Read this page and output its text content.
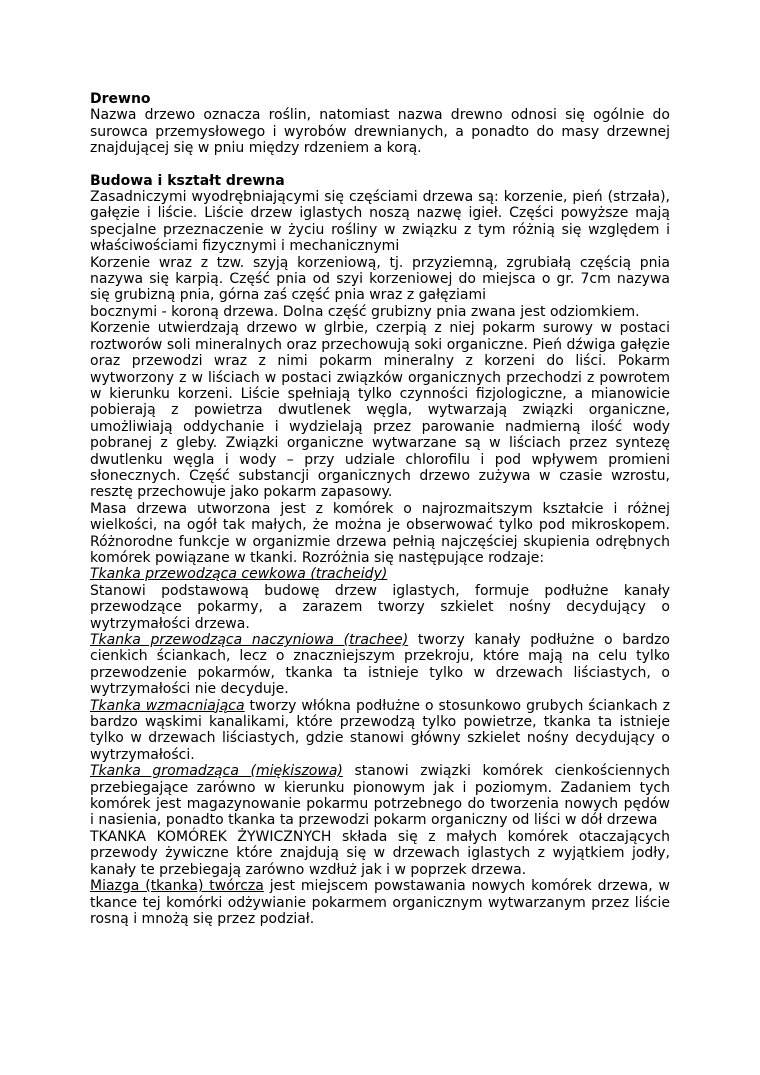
Drewno

Nazwa drzewo oznacza roślin, natomiast nazwa drewno odnosi się ogólnie do surowca przemysłowego i wyrobów drewnianych, a ponadto do masy drzewnej znajdującej się w pniu między rdzeniem a korą.

Budowa i kształt drewna

Zasadniczymi wyodrębniającymi się częściami drzewa są: korzenie, pień (strzała), gałęzie i liście. Liście drzew iglastych noszą nazwę igieł. Części powyższe mają specjalne przeznaczenie w życiu rośliny w związku z tym różnią się względem i właściwościami fizycznymi i mechanicznymi

Korzenie wraz z tzw. szyją korzeniową, tj. przyziemną, zgrubiałą częścią pnia nazywa się karpią. Część pnia od szyi korzeniowej do miejsca o gr. 7cm nazywa się grubizną pnia, górna zaś część pnia wraz z gałęziami

bocznymi - koroną drzewa. Dolna część grubizny pnia zwana jest odziomkiem.

Korzenie utwierdzają drzewo w glrbie, czerpią z niej pokarm surowy w postaci roztworów soli mineralnych oraz przechowują soki organiczne. Pień dźwiga gałęzie oraz przewodzi wraz z nimi pokarm mineralny z korzeni do liści. Pokarm wytworzony z w liściach w postaci związków organicznych przechodzi z powrotem w kierunku korzeni. Liście spełniają tylko czynności fizjologiczne, a mianowicie pobierają z powietrza dwutlenek węgla, wytwarzają związki organiczne, umożliwiają oddychanie i wydzielają przez parowanie nadmierną ilość wody pobranej z gleby. Związki organiczne wytwarzane są w liściach przez syntezę dwutlenku węgla i wody – przy udziale chlorofilu i pod wpływem promieni słonecznych. Część substancji organicznych drzewo zużywa w czasie wzrostu, resztę przechowuje jako pokarm zapasowy.

Masa drzewa utworzona jest z komórek o najrozmaitszym kształcie i różnej wielkości, na ogół tak małych, że można je obserwować tylko pod mikroskopem. Różnorodne funkcje w organizmie drzewa pełnią najczęściej skupienia odrębnych komórek powiązane w tkanki. Rozróżnia się następujące rodzaje:

Tkanka przewodząca cewkowa (tracheidy)

Stanowi podstawową budowę drzew iglastych, formuje podłużne kanały przewodzące pokarmy, a zarazem tworzy szkielet nośny decydujący o wytrzymałości drzewa.

Tkanka przewodząca naczyniowa (trachee) tworzy kanały podłużne o bardzo cienkich ściankach, lecz o znaczniejszym przekroju, które mają na celu tylko przewodzenie pokarmów, tkanka ta istnieje tylko w drzewach liściastych, o wytrzymałości nie decyduje.

Tkanka wzmacniająca tworzy włókna podłużne o stosunkowo grubych ściankach z bardzo wąskimi kanalikami, które przewodzą tylko powietrze, tkanka ta istnieje tylko w drzewach liściastych, gdzie stanowi główny szkielet nośny decydujący o wytrzymałości.

Tkanka gromadząca (miękiszowa) stanowi związki komórek cienkościennych przebiegające zarówno w kierunku pionowym jak i poziomym. Zadaniem tych komórek jest magazynowanie pokarmu potrzebnego do tworzenia nowych pędów i nasienia, ponadto tkanka ta przewodzi pokarm organiczny od liści w dół drzewa

TKANKA KOMÓREK ŻYWICZNYCH składa się z małych komórek otaczających przewody żywiczne które znajdują się w drzewach iglastych z wyjątkiem jodły, kanały te przebiegają zarówno wzdłuż jak i w poprzek drzewa.

Miazga (tkanka) twórcza jest miejscem powstawania nowych komórek drzewa, w tkance tej komórki odżywianie pokarmem organicznym wytwarzanym przez liście rosną i mnożą się przez podział.
